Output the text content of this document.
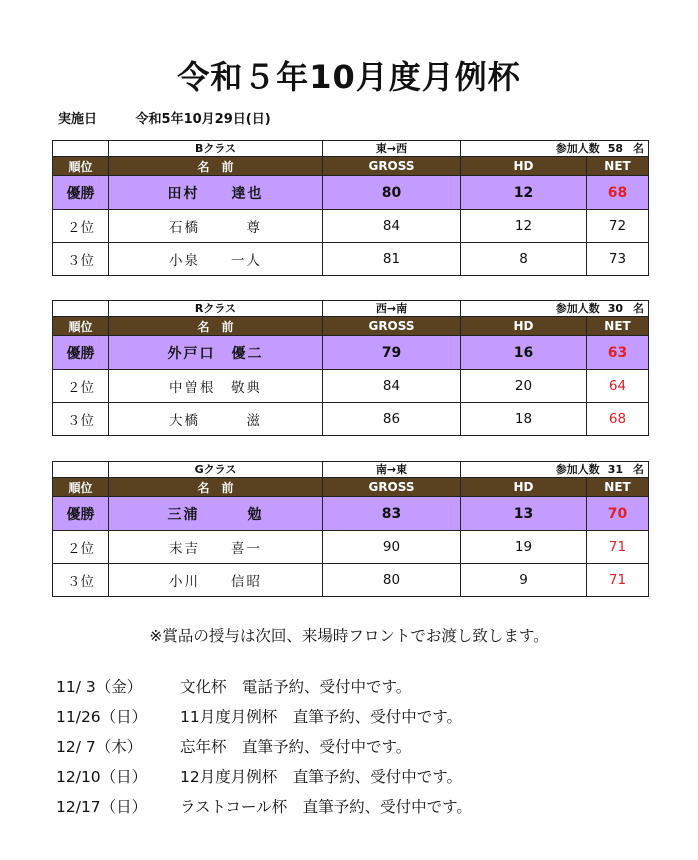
令和５年10月度月例杯
実施日	令和5年10月29日(日)
	Bクラス	東→西	参加人数 58 名	
順位	名　前	GROSS	HD	NET
優勝	田村　　達也	80	12	68
２位	石橋　　　尊	84	12	72
３位	小泉　　一人	81	8	73
	Rクラス	西→南	参加人数 30 名	
順位	名　前	GROSS	HD	NET
優勝	外戸口　優二	79	16	63
２位	中曽根　敬典	84	20	64
３位	大橋　　　滋	86	18	68
	Gクラス	南→東	参加人数 31 名	
順位	名　前	GROSS	HD	NET
優勝	三浦　　　勉	83	13	70
２位	末吉　　喜一	90	19	71
３位	小川　　信昭	80	9	71
※賞品の授与は次回、来場時フロントでお渡し致します。
11/ 3（金） 文化杯　電話予約、受付中です。
11/26（日） 11月度月例杯　直筆予約、受付中です。
12/ 7（木） 忘年杯　直筆予約、受付中です。
12/10（日） 12月度月例杯　直筆予約、受付中です。
12/17（日） ラストコール杯　直筆予約、受付中です。
